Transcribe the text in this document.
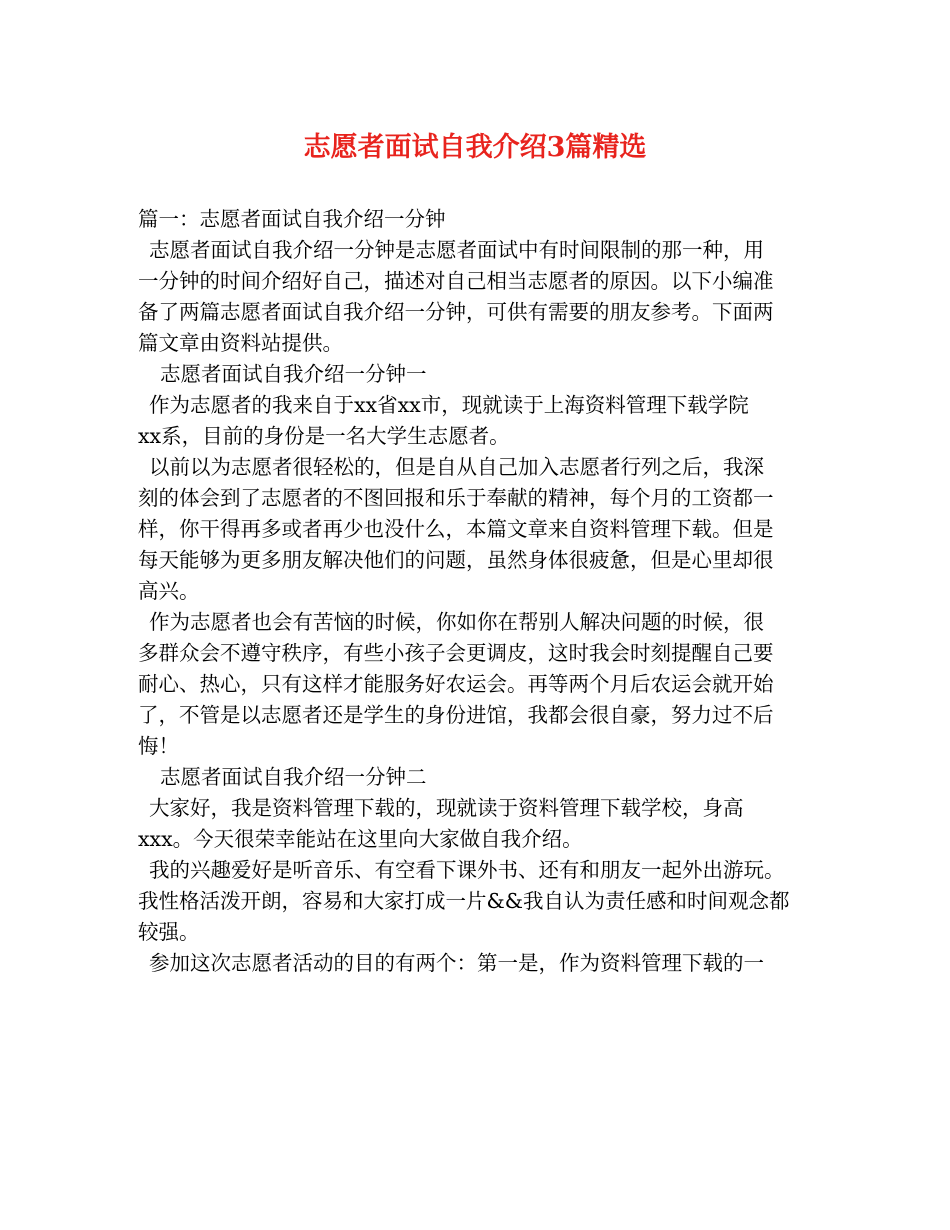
志愿者面试自我介绍3篇精选
篇一：志愿者面试自我介绍一分钟
志愿者面试自我介绍一分钟是志愿者面试中有时间限制的那一种，用
一分钟的时间介绍好自己，描述对自己相当志愿者的原因。以下小编准
备了两篇志愿者面试自我介绍一分钟，可供有需要的朋友参考。下面两
篇文章由资料站提供。
志愿者面试自我介绍一分钟一
作为志愿者的我来自于xx省xx市，现就读于上海资料管理下载学院
xx系，目前的身份是一名大学生志愿者。
以前以为志愿者很轻松的，但是自从自己加入志愿者行列之后，我深
刻的体会到了志愿者的不图回报和乐于奉献的精神，每个月的工资都一
样，你干得再多或者再少也没什么，本篇文章来自资料管理下载。但是
每天能够为更多朋友解决他们的问题，虽然身体很疲惫，但是心里却很
高兴。
作为志愿者也会有苦恼的时候，你如你在帮别人解决问题的时候，很
多群众会不遵守秩序，有些小孩子会更调皮，这时我会时刻提醒自己要
耐心、热心，只有这样才能服务好农运会。再等两个月后农运会就开始
了，不管是以志愿者还是学生的身份进馆，我都会很自豪，努力过不后
悔！
志愿者面试自我介绍一分钟二
大家好，我是资料管理下载的，现就读于资料管理下载学校，身高
xxx。今天很荣幸能站在这里向大家做自我介绍。
我的兴趣爱好是听音乐、有空看下课外书、还有和朋友一起外出游玩。
我性格活泼开朗，容易和大家打成一片&&我自认为责任感和时间观念都
较强。
参加这次志愿者活动的目的有两个：第一是，作为资料管理下载的一
